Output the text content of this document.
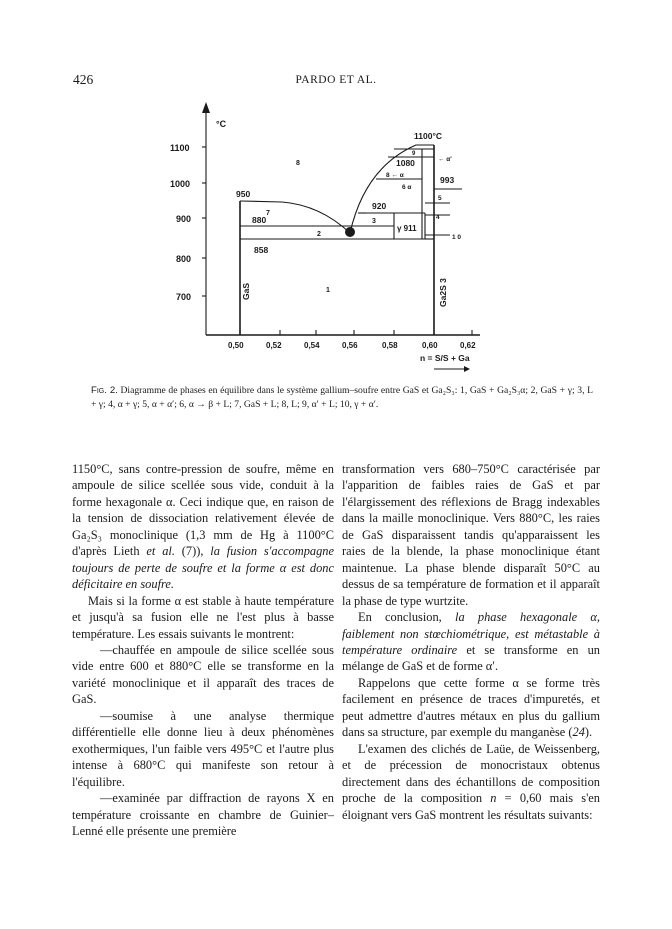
426	PARDO ET AL.
°C
1100
1000
900
800
700
0,50	0,52	0,54	0,56	0,58	0,60	0,62
n = S/S + Ga
1100°C
1080
993
950
920
γ 911
880
858
1
2
3
4
5
6 α
7
8
8 ← α
9
1 0
← α'
GaS	Ga2S 3
Fig. 2. Diagramme de phases en équilibre dans le système gallium–soufre entre GaS et Ga₂S₃: 1, GaS + Ga₂S₃α; 2, GaS + γ; 3, L + γ; 4, α + γ; 5, α + α′; 6, α → β + L; 7, GaS + L; 8, L; 9, α′ + L; 10, γ + α′.

1150°C, sans contre-pression de soufre, même en ampoule de silice scellée sous vide, conduit à la forme hexagonale α. Ceci indique que, en raison de la tension de dissociation relativement élevée de Ga₂S₃ monoclinique (1,3 mm de Hg à 1100°C d'après Lieth et al. (7)), la fusion s'accompagne toujours de perte de soufre et la forme α est donc déficitaire en soufre.

Mais si la forme α est stable à haute température et jusqu'à sa fusion elle ne l'est plus à basse température. Les essais suivants le montrent:

—chauffée en ampoule de silice scellée sous vide entre 600 et 880°C elle se transforme en la variété monoclinique et il apparaît des traces de GaS.

—soumise à une analyse thermique différentielle elle donne lieu à deux phénomènes exothermiques, l'un faible vers 495°C et l'autre plus intense à 680°C qui manifeste son retour à l'équilibre.

—examinée par diffraction de rayons X en température croissante en chambre de Guinier–Lenné elle présente une première

transformation vers 680–750°C caractérisée par l'apparition de faibles raies de GaS et par l'élargissement des réflexions de Bragg indexables dans la maille monoclinique. Vers 880°C, les raies de GaS disparaissent tandis qu'apparaissent les raies de la blende, la phase monoclinique étant maintenue. La phase blende disparaît 50°C au dessus de sa température de formation et il apparaît la phase de type wurtzite.

En conclusion, la phase hexagonale α, faiblement non stœchiométrique, est métastable à température ordinaire et se transforme en un mélange de GaS et de forme α′.

Rappelons que cette forme α se forme très facilement en présence de traces d'impuretés, et peut admettre d'autres métaux en plus du gallium dans sa structure, par exemple du manganèse (24).

L'examen des clichés de Laüe, de Weissenberg, et de précession de monocristaux obtenus directement dans des échantillons de composition proche de la composition n = 0,60 mais s'en éloignant vers GaS montrent les résultats suivants:
